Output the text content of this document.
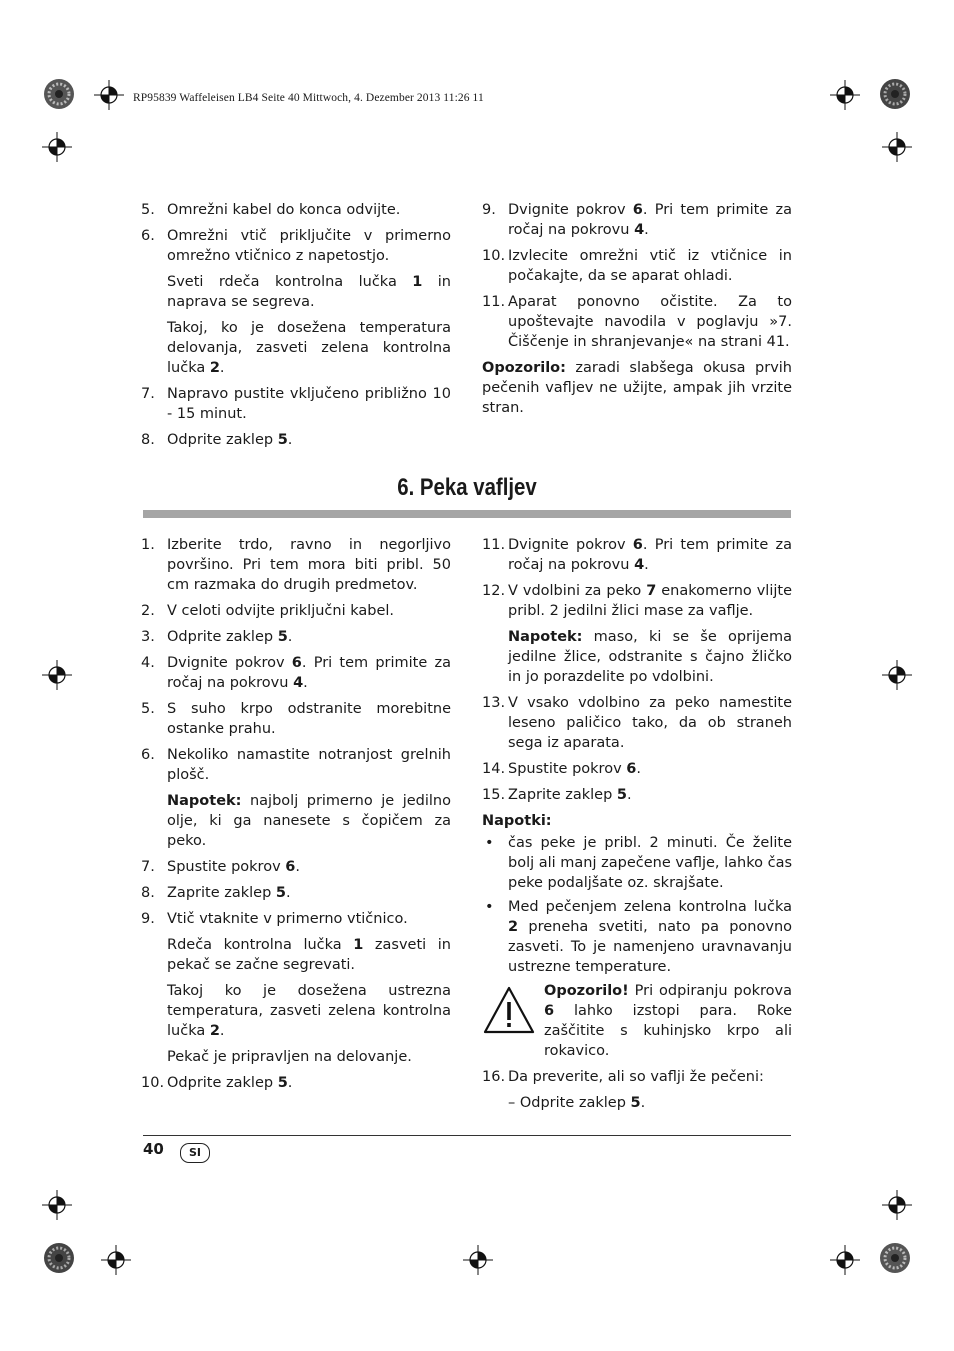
RP95839 Waffeleisen LB4 Seite 40 Mittwoch, 4. Dezember 2013 11:26 11
5. Omrežni kabel do konca odvijte.
6. Omrežni vtič priključite v primerno omrežno vtičnico z napetostjo.
Sveti rdeča kontrolna lučka 1 in naprava se segreva.
Takoj, ko je dosežena temperatura delovanja, zasveti zelena kontrolna lučka 2.
7. Napravo pustite vključeno približno 10 - 15 minut.
8. Odprite zaklep 5.
9. Dvignite pokrov 6. Pri tem primite za ročaj na pokrovu 4.
10. Izvlecite omrežni vtič iz vtičnice in počakajte, da se aparat ohladi.
11. Aparat ponovno očistite. Za to upoštevajte navodila v poglavju »7. Čiščenje in shranjevanje« na strani 41.
Opozorilo: zaradi slabšega okusa prvih pečenih vafljev ne užijte, ampak jih vrzite stran.
6. Peka vafljev
1. Izberite trdo, ravno in negorljivo površino. Pri tem mora biti pribl. 50 cm razmaka do drugih predmetov.
2. V celoti odvijte priključni kabel.
3. Odprite zaklep 5.
4. Dvignite pokrov 6. Pri tem primite za ročaj na pokrovu 4.
5. S suho krpo odstranite morebitne ostanke prahu.
6. Nekoliko namastite notranjost grelnih plošč.
Napotek: najbolj primerno je jedilno olje, ki ga nanesete s čopičem za peko.
7. Spustite pokrov 6.
8. Zaprite zaklep 5.
9. Vtič vtaknite v primerno vtičnico.
Rdeča kontrolna lučka 1 zasveti in pekač se začne segrevati.
Takoj ko je dosežena ustrezna temperatura, zasveti zelena kontrolna lučka 2.
Pekač je pripravljen na delovanje.
10. Odprite zaklep 5.
11. Dvignite pokrov 6. Pri tem primite za ročaj na pokrovu 4.
12. V vdolbini za peko 7 enakomerno vlijte pribl. 2 jedilni žlici mase za vaflje.
Napotek: maso, ki se še oprijema jedilne žlice, odstranite s čajno žličko in jo porazdelite po vdolbini.
13. V vsako vdolbino za peko namestite leseno paličico tako, da ob straneh sega iz aparata.
14. Spustite pokrov 6.
15. Zaprite zaklep 5.
Napotki:
• čas peke je pribl. 2 minuti. Če želite bolj ali manj zapečene vaflje, lahko čas peke podaljšate oz. skrajšate.
• Med pečenjem zelena kontrolna lučka 2 preneha svetiti, nato pa ponovno zasveti. To je namenjeno uravnavanju ustrezne temperature.
Opozorilo! Pri odpiranju pokrova 6 lahko izstopi para. Roke zaščitite s kuhinjsko krpo ali rokavico.
16. Da preverite, ali so vaflji že pečeni:
– Odprite zaklep 5.
40	SI
